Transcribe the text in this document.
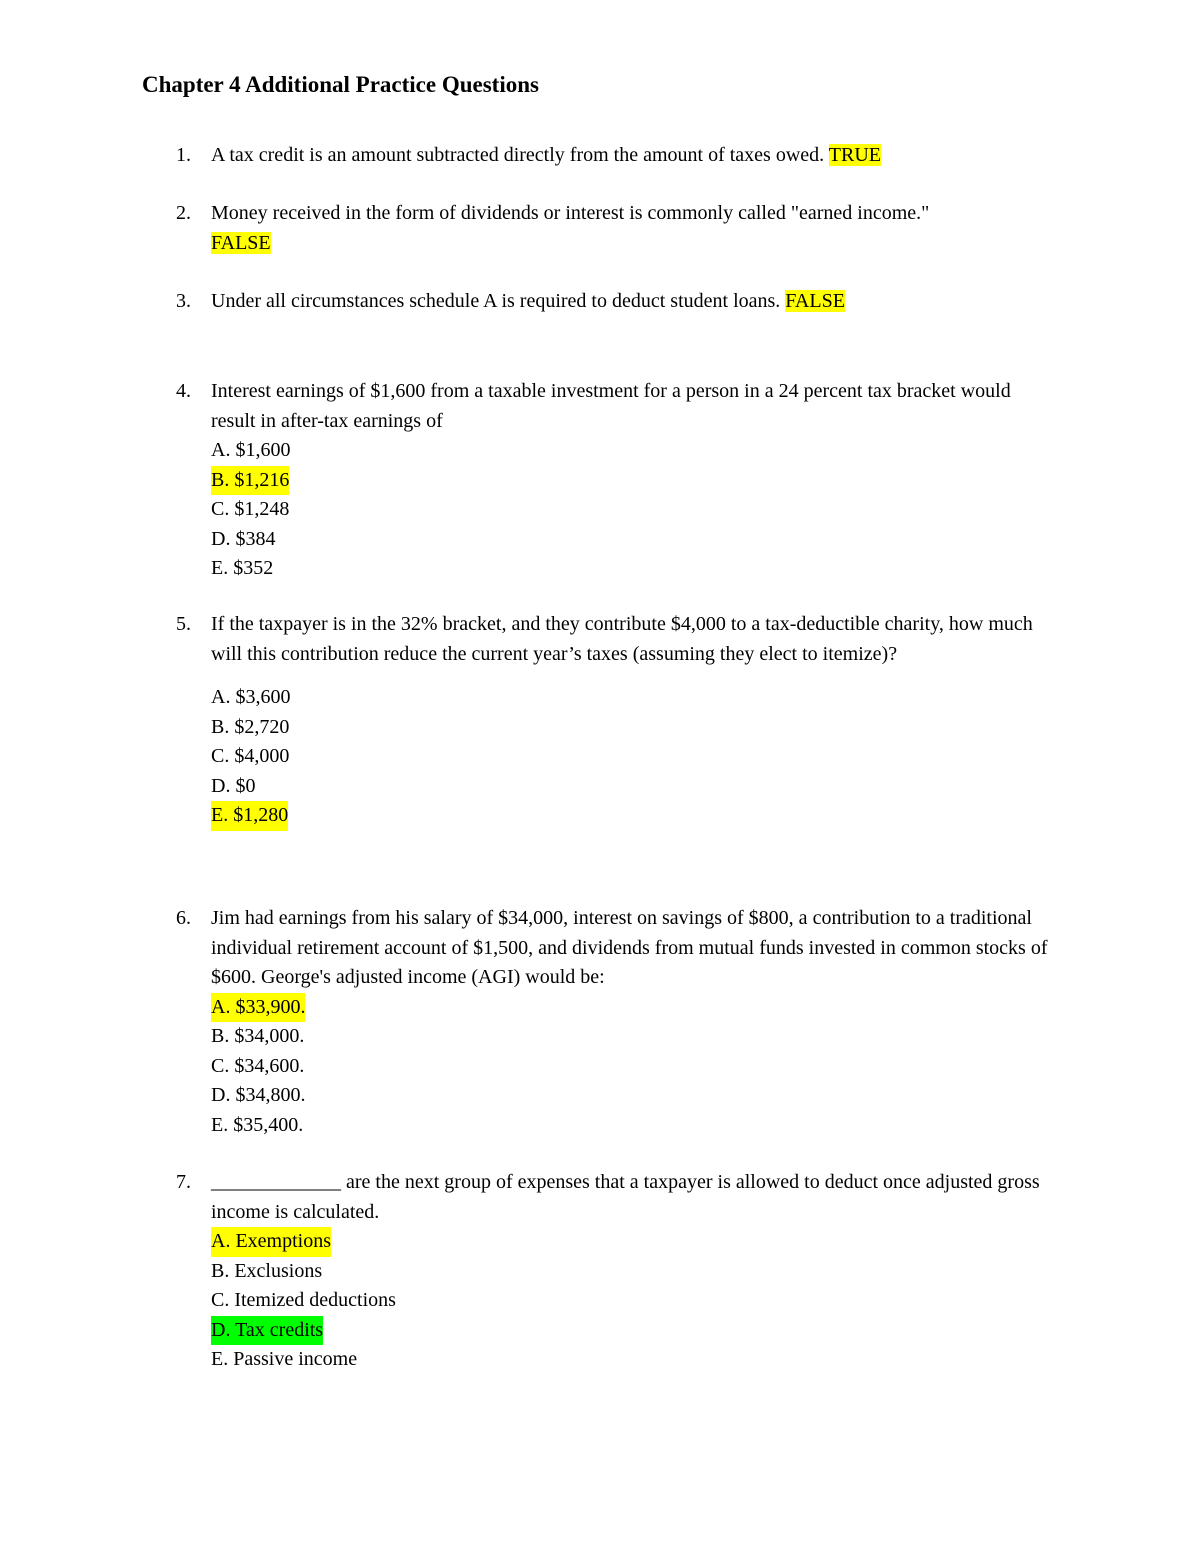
Chapter 4 Additional Practice Questions
1. A tax credit is an amount subtracted directly from the amount of taxes owed. TRUE
2. Money received in the form of dividends or interest is commonly called "earned income." FALSE
3. Under all circumstances schedule A is required to deduct student loans. FALSE
4. Interest earnings of $1,600 from a taxable investment for a person in a 24 percent tax bracket would result in after-tax earnings of
A. $1,600
B. $1,216
C. $1,248
D. $384
E. $352
5. If the taxpayer is in the 32% bracket, and they contribute $4,000 to a tax-deductible charity, how much will this contribution reduce the current year’s taxes (assuming they elect to itemize)?
A. $3,600
B. $2,720
C. $4,000
D. $0
E. $1,280
6. Jim had earnings from his salary of $34,000, interest on savings of $800, a contribution to a traditional individual retirement account of $1,500, and dividends from mutual funds invested in common stocks of $600. George's adjusted income (AGI) would be:
A. $33,900.
B. $34,000.
C. $34,600.
D. $34,800.
E. $35,400.
7. _____________ are the next group of expenses that a taxpayer is allowed to deduct once adjusted gross income is calculated.
A. Exemptions
B. Exclusions
C. Itemized deductions
D. Tax credits
E. Passive income
